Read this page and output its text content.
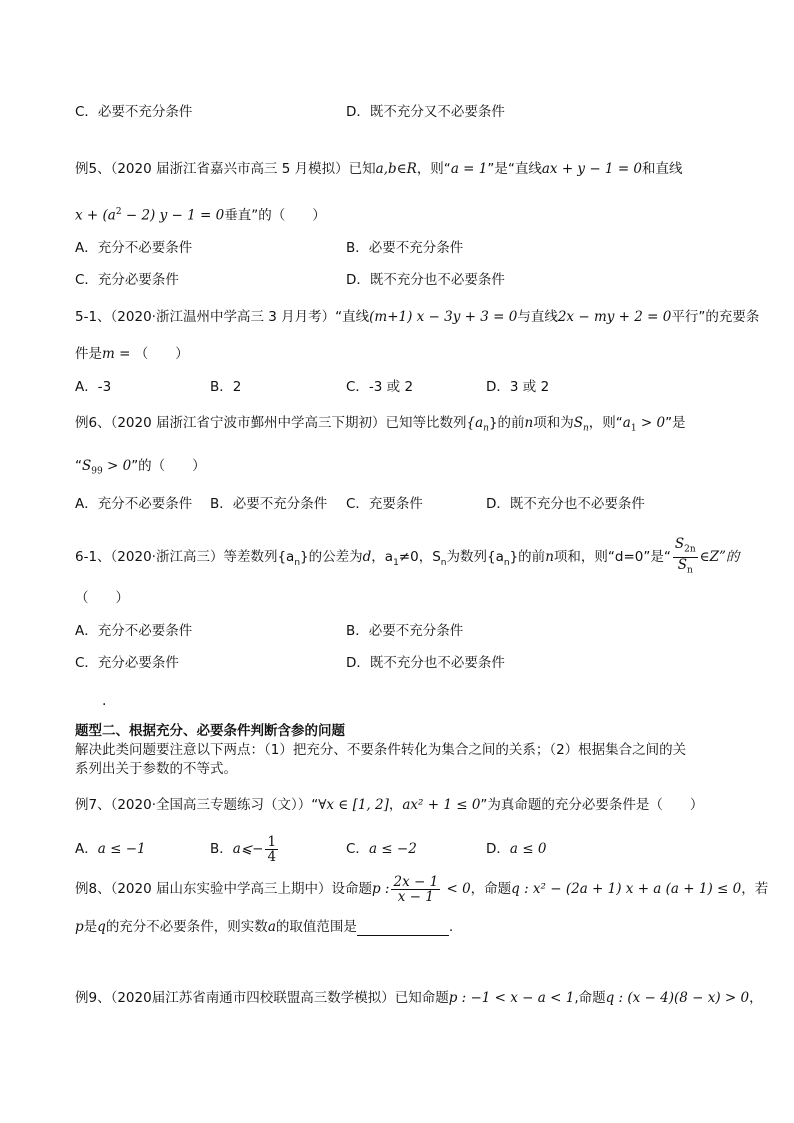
C．必要不充分条件	D．既不充分又不必要条件
例5、（2020 届浙江省嘉兴市高三 5 月模拟）已知a,b∈R，则“a = 1”是“直线ax + y − 1 = 0和直线
$x + (a^2 - 2) y - 1 = 0$垂直”的（　　）
A．充分不必要条件	B．必要不充分条件
C．充分必要条件	D．既不充分也不必要条件
5-1、（2020·浙江温州中学高三 3 月月考）“直线(m+1) x − 3y + 3 = 0与直线2x − my + 2 = 0平行”的充要条
件是m = （　　）
A．-3	B．2	C．-3 或 2	D．3 或 2
例6、（2020 届浙江省宁波市鄞州中学高三下期初）已知等比数列$\{a_n\}$的前n项和为$S_n$，则“$a_1 > 0$”是
“$S_{99} > 0$”的（　　）
A．充分不必要条件 B．必要不充分条件 C．充要条件	D．既不充分也不必要条件
6-1、（2020·浙江高三）等差数列$\{a_n\}$的公差为d，$a_1\ne 0$，$S_n$为数列$\{a_n\}$的前n项和，则“d=0”是“ $\frac{S_{2n}}{S_n}$ ∈Z”的
（　　）
A．充分不必要条件	B．必要不充分条件
C．充分必要条件	D．既不充分也不必要条件
.
题型二、根据充分、必要条件判断含参的问题
解决此类问题要注意以下两点：（1）把充分、不要条件转化为集合之间的关系；（2）根据集合之间的关
系列出关于参数的不等式。
例7、（2020·全国高三专题练习（文））“∀x ∈ [1, 2]，ax² + 1 ≤ 0”为真命题的充分必要条件是（　　）
A．a ≤ −1	B．a⩽− $\frac{1}{4}$	C．a ≤ −2	D．a ≤ 0
例8、（2020 届山东实验中学高三上期中）设命题p : $\frac{2x - 1}{x - 1} < 0$，命题q : x² − (2a + 1) x + a (a + 1) ≤ 0，若
p是q的充分不必要条件，则实数a的取值范围是	.
例9、（2020届江苏省南通市四校联盟高三数学模拟）已知命题p : −1 < x − a < 1,命题q : (x − 4)(8 − x) > 0，
